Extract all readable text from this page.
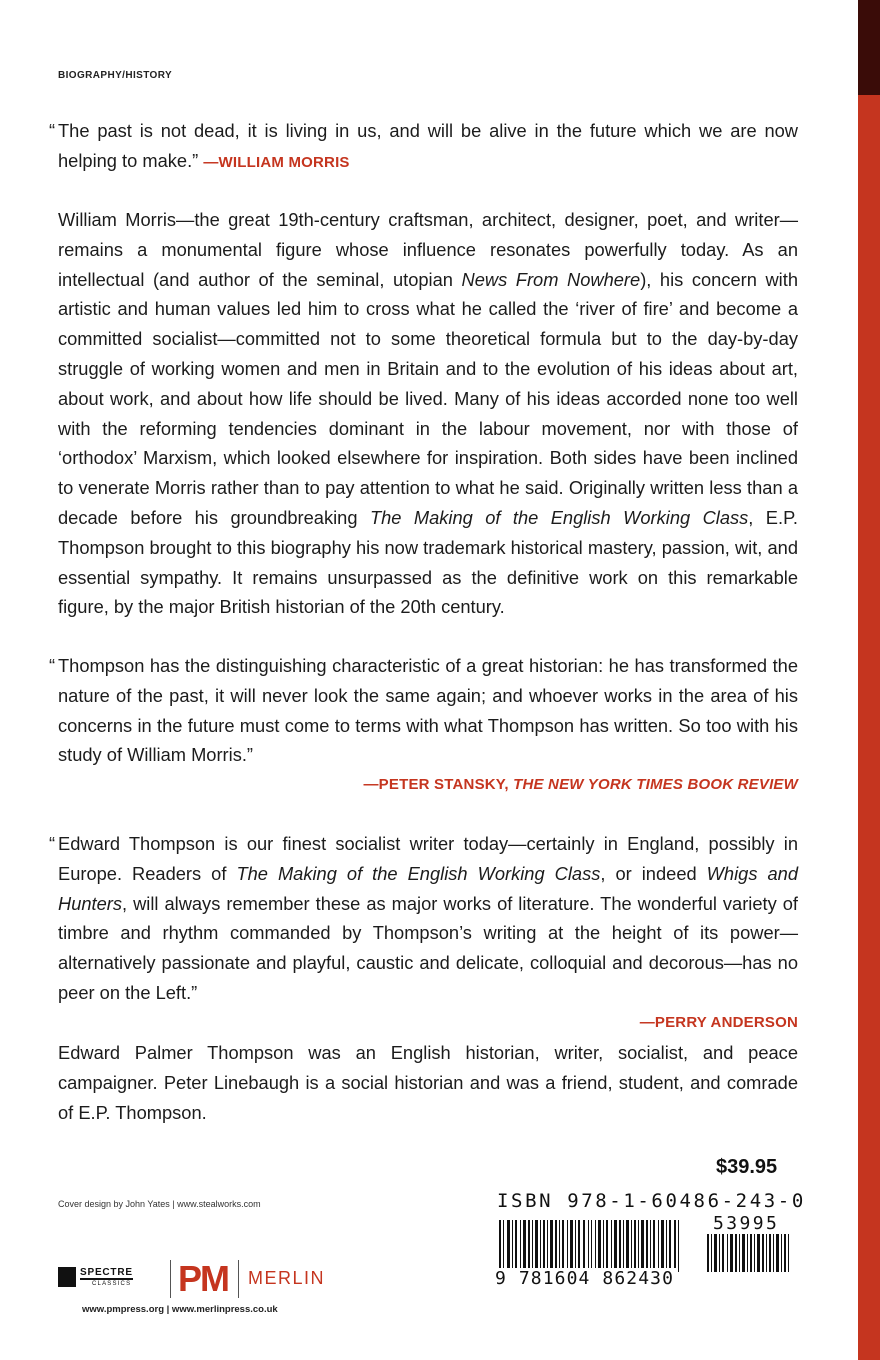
BIOGRAPHY/HISTORY
“ The past is not dead, it is living in us, and will be alive in the future which we are now helping to make.” —WILLIAM MORRIS
William Morris—the great 19th-century craftsman, architect, designer, poet, and writer—remains a monumental figure whose influence resonates powerfully today. As an intellectual (and author of the seminal, utopian News From Nowhere), his concern with artistic and human values led him to cross what he called the ‘river of fire’ and become a committed socialist—committed not to some theoretical formula but to the day-by-day struggle of working women and men in Britain and to the evolution of his ideas about art, about work, and about how life should be lived. Many of his ideas accorded none too well with the reforming tendencies dominant in the labour movement, nor with those of ‘orthodox’ Marxism, which looked elsewhere for inspiration. Both sides have been inclined to venerate Morris rather than to pay attention to what he said. Originally written less than a decade before his groundbreaking The Making of the English Working Class, E.P. Thompson brought to this biography his now trademark historical mastery, passion, wit, and essential sympathy. It remains unsurpassed as the definitive work on this remarkable figure, by the major British historian of the 20th century.
“ Thompson has the distinguishing characteristic of a great historian: he has transformed the nature of the past, it will never look the same again; and whoever works in the area of his concerns in the future must come to terms with what Thompson has written. So too with his study of William Morris.”
—PETER STANSKY, THE NEW YORK TIMES BOOK REVIEW
“ Edward Thompson is our finest socialist writer today—certainly in England, possibly in Europe. Readers of The Making of the English Working Class, or indeed Whigs and Hunters, will always remember these as major works of literature. The wonderful variety of timbre and rhythm commanded by Thompson’s writing at the height of its power—alternatively passionate and playful, caustic and delicate, colloquial and decorous—has no peer on the Left.”
—PERRY ANDERSON
Edward Palmer Thompson was an English historian, writer, socialist, and peace campaigner. Peter Linebaugh is a social historian and was a friend, student, and comrade of E.P. Thompson.
$39.95
ISBN 978-1-60486-243-0
9 781604 862430
53995
Cover design by John Yates | www.stealworks.com
SPECTRE
CLASSICS PM MERLIN
www.pmpress.org | www.merlinpress.co.uk
